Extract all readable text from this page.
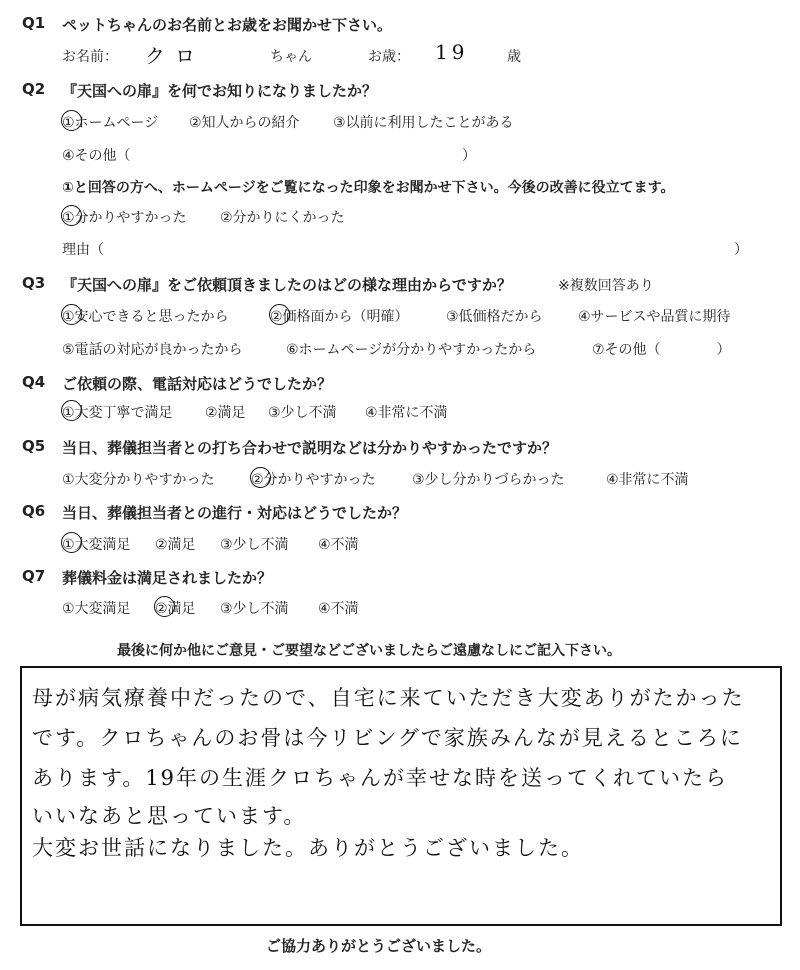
Q1 ペットちゃんのお名前とお歳をお聞かせ下さい。
お名前： クロ	ちゃん	お歳： 19	歳
Q2 『天国への扉』を何でお知りになりましたか？
①ホームページ ②知人からの紹介 ③以前に利用したことがある
④その他（	）
①と回答の方へ、ホームページをご覧になった印象をお聞かせ下さい。今後の改善に役立てます。
①分かりやすかった ②分かりにくかった
理由（	）
Q3 『天国への扉』をご依頼頂きましたのはどの様な理由からですか？	※複数回答あり
①安心できると思ったから	②価格面から（明確）	③低価格だから	④サービスや品質に期待
⑤電話の対応が良かったから	⑥ホームページが分かりやすかったから	⑦その他（　　　　）
Q4 ご依頼の際、電話対応はどうでしたか？
①大変丁寧で満足 ②満足 ③少し不満 ④非常に不満
Q5 当日、葬儀担当者との打ち合わせで説明などは分かりやすかったですか？
①大変分かりやすかった	②分かりやすかった	③少し分かりづらかった	④非常に不満
Q6 当日、葬儀担当者との進行・対応はどうでしたか？
①大変満足 ②満足 ③少し不満 ④不満
Q7 葬儀料金は満足されましたか？
①大変満足 ②満足 ③少し不満 ④不満
最後に何か他にご意見・ご要望などございましたらご遠慮なしにご記入下さい。
母が病気療養中だったので、自宅に来ていただき大変ありがたかった
です。クロちゃんのお骨は今リビングで家族みんなが見えるところに
あります。19年の生涯クロちゃんが幸せな時を送ってくれていたら
いいなあと思っています。
大変お世話になりました。ありがとうございました。
ご協力ありがとうございました。
